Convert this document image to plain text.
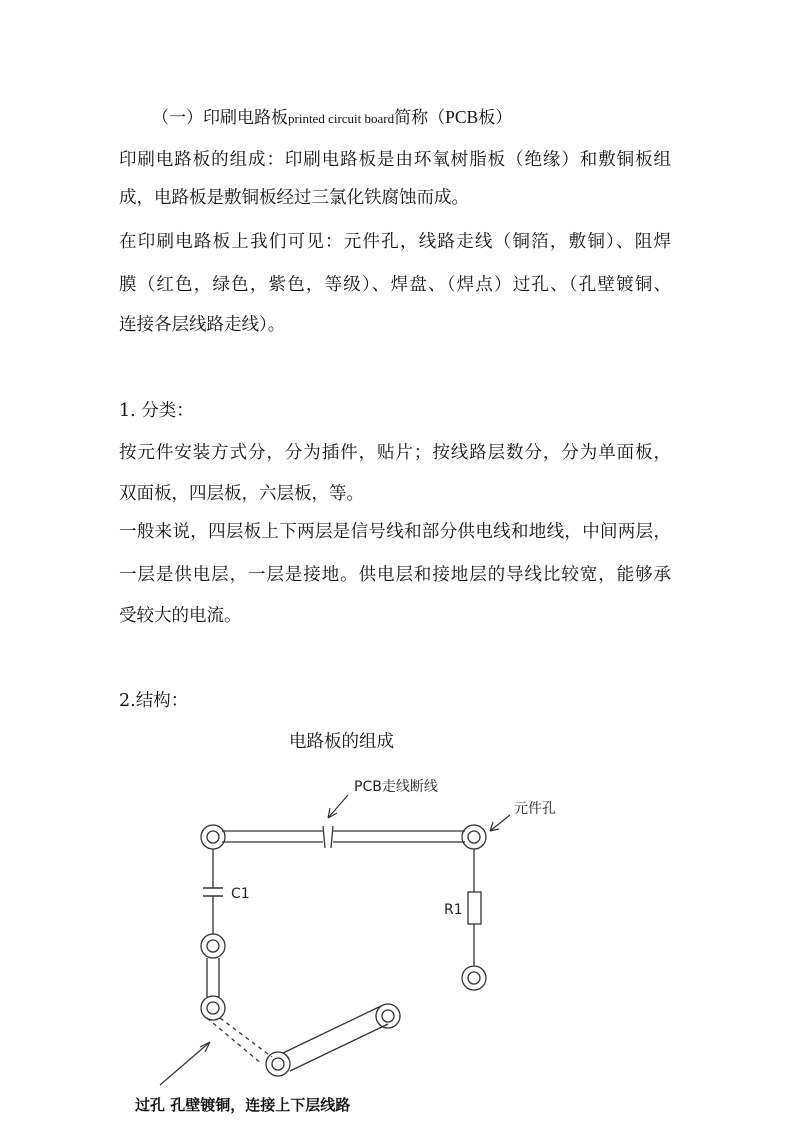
（一）印刷电路板printed circuit board简称（PCB板）
印刷电路板的组成：印刷电路板是由环氧树脂板（绝缘）和敷铜板组
成，电路板是敷铜板经过三氯化铁腐蚀而成。
在印刷电路板上我们可见：元件孔，线路走线（铜箔，敷铜）、阻焊
膜（红色，绿色，紫色，等级）、焊盘、（焊点）过孔、（孔壁镀铜、
连接各层线路走线）。
1. 分类：
按元件安装方式分，分为插件，贴片；按线路层数分，分为单面板，
双面板，四层板，六层板，等。
一般来说，四层板上下两层是信号线和部分供电线和地线，中间两层，
一层是供电层，一层是接地。供电层和接地层的导线比较宽，能够承
受较大的电流。
2.结构：
电路板的组成
PCB走线断线
元件孔
C1
R1
过孔 孔壁镀铜，连接上下层线路
